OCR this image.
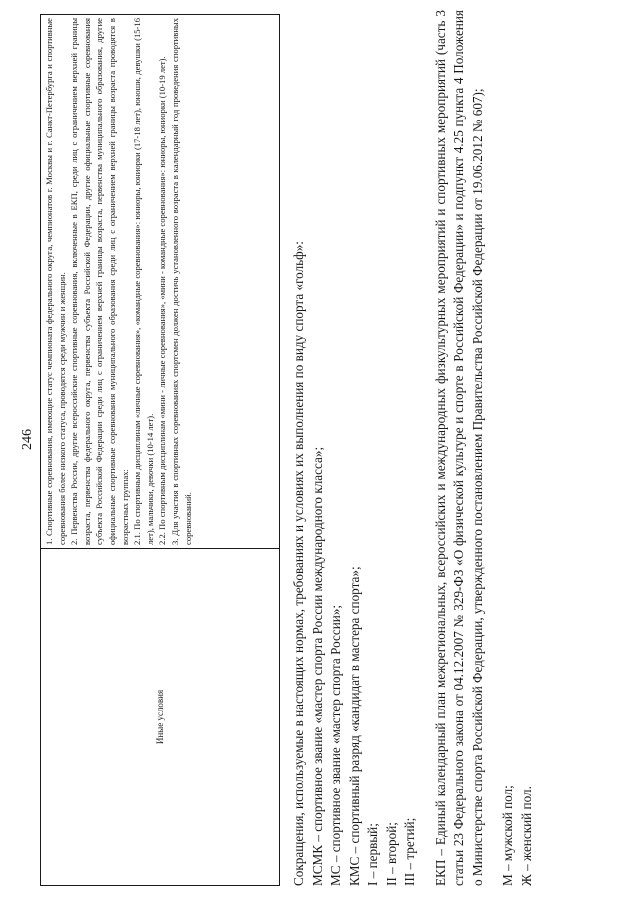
246
Иные условия

1. Спортивные соревнования, имеющие статус чемпионата федерального округа, чемпионатов г. Москвы и г. Санкт-Петербурга и спортивные соревнования более низкого статуса, проводятся среди мужчин и женщин. 2. Первенства России, другие всероссийские спортивные соревнования, включенные в ЕКП, среди лиц с ограничением верхней границы возраста, первенства федерального округа, первенства субъекта Российской Федерации, другие официальные спортивные соревнования субъекта Российской Федерации среди лиц с ограничением верхней границы возраста, первенства муниципального образования, другие официальные спортивные соревнования муниципального образования среди лиц с ограничением верхней границы возраста проводятся в возрастных группах: 2.1. По спортивным дисциплинам «личные соревнования», «командные соревнования»: юниоры, юниорки (17-18 лет), юноши, девушки (15-16 лет), мальчики, девочки (10-14 лет). 2.2. По спортивным дисциплинам «мини - личные соревнования», «мини - командные соревнования»: юниоры, юниорки (10-19 лет). 3. Для участия в спортивных соревнованиях спортсмен должен достичь установленного возраста в календарный год проведения спортивных соревнований.	Сокращения, используемые в настоящих нормах, требованиях и условиях их выполнения по виду спорта «гольф»: МСМК – спортивное звание «мастер спорта России международного класса»; МС – спортивное звание «мастер спорта России»; КМС – спортивный разряд «кандидат в мастера спорта»; I – первый; II – второй; III – третий; ЕКП – Единый календарный план межрегиональных, всероссийских и международных физкультурных мероприятий и спортивных мероприятий (часть 3 статьи 23 Федерального закона от 04.12.2007 № 329-ФЗ «О физической культуре и спорте в Российской Федерации» и подпункт 4.25 пункта 4 Положения о Министерстве спорта Российской Федерации, утвержденного постановлением Правительства Российской Федерации от 19.06.2012 № 607); М – мужской пол; Ж – женский пол.
